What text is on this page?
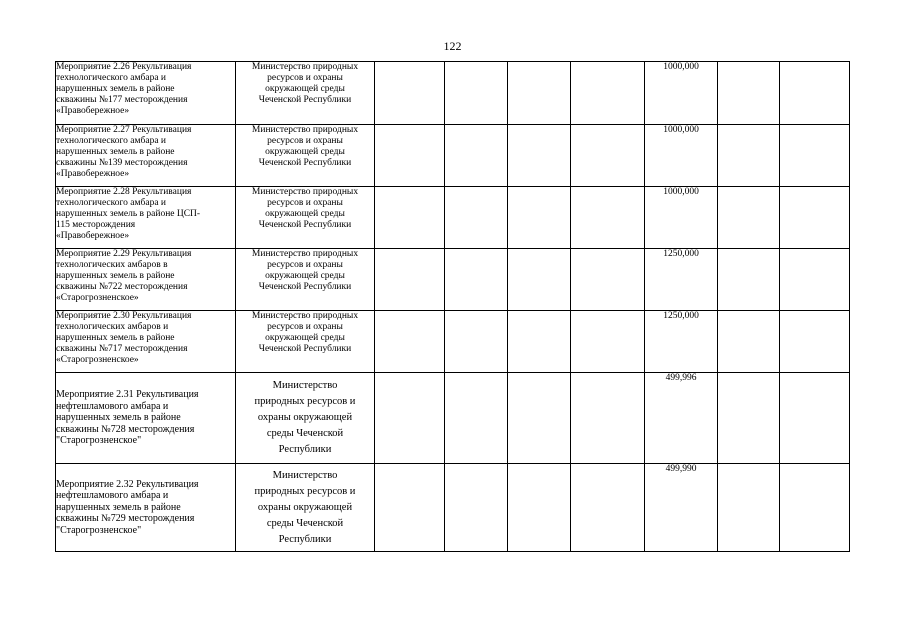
122
Мероприятие 2.26 Рекультивация
технологического амбара и
нарушенных земель в районе
скважины №177 месторождения
«Правобережное»	Министерство природных
ресурсов и охраны
окружающей среды
Чеченской Республики					1000,000		

Мероприятие 2.27 Рекультивация
технологического амбара и
нарушенных земель в районе
скважины №139 месторождения
«Правобережное»	Министерство природных
ресурсов и охраны
окружающей среды
Чеченской Республики					1000,000		

Мероприятие 2.28 Рекультивация
технологического амбара и
нарушенных земель в районе ЦСП-
115 месторождения
«Правобережное»	Министерство природных
ресурсов и охраны
окружающей среды
Чеченской Республики					1000,000		

Мероприятие 2.29 Рекультивация
технологических амбаров в
нарушенных земель в районе
скважины №722 месторождения
«Старогрозненское»	Министерство природных
ресурсов и охраны
окружающей среды
Чеченской Республики					1250,000		

Мероприятие 2.30 Рекультивация
технологических амбаров и
нарушенных земель в районе
скважины №717 месторождения
«Старогрозненское»	Министерство природных
ресурсов и охраны
окружающей среды
Чеченской Республики					1250,000		

Мероприятие 2.31 Рекультивация
нефтешламового амбара и
нарушенных земель в районе
скважины №728 месторождения
"Старогрозненское"	Министерство
природных ресурсов и
охраны окружающей
среды Чеченской
Республики					499,996		

Мероприятие 2.32 Рекультивация
нефтешламового амбара и
нарушенных земель в районе
скважины №729 месторождения
"Старогрозненское"	Министерство
природных ресурсов и
охраны окружающей
среды Чеченской
Республики					499,990		
